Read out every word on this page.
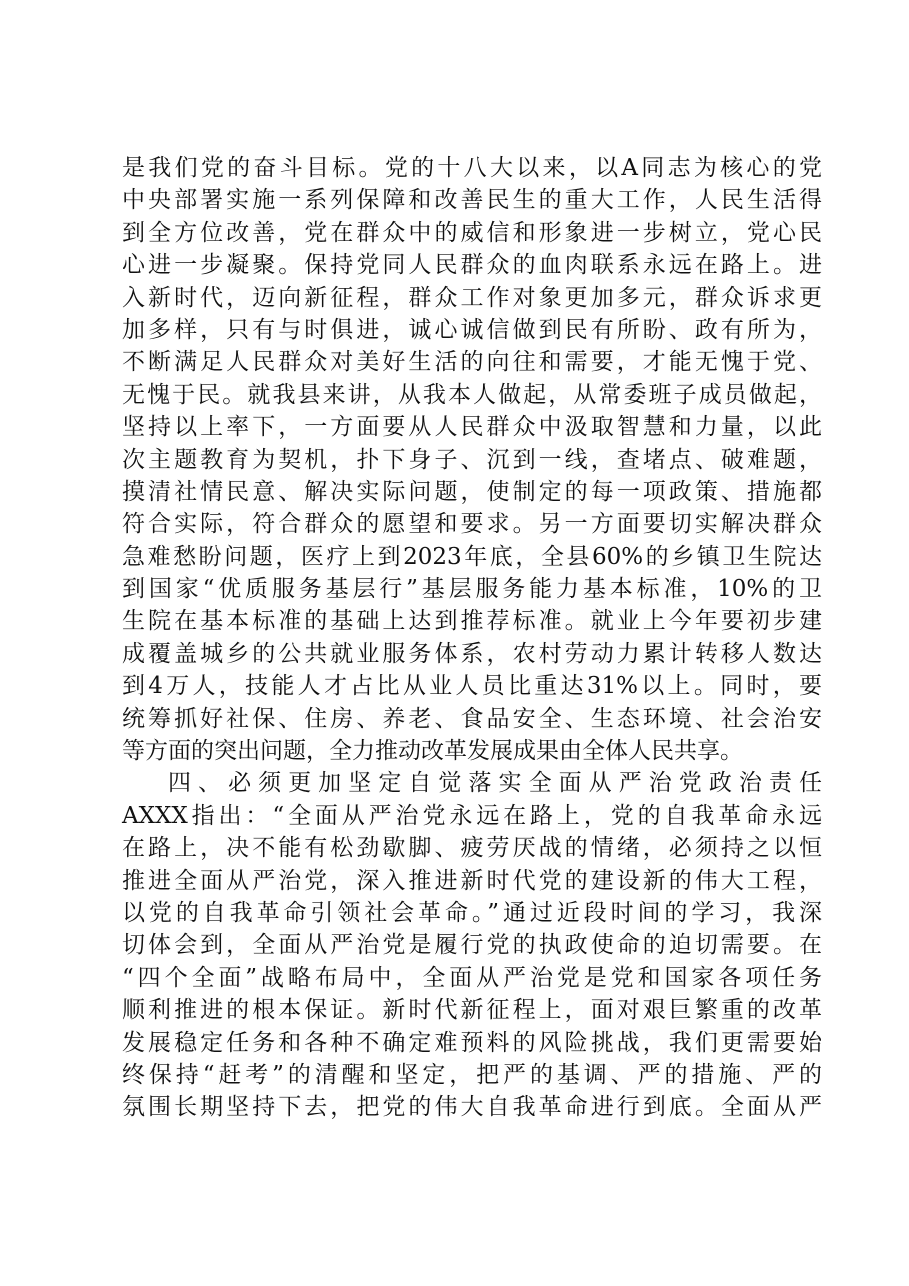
是我们党的奋斗目标。党的十八大以来，以A同志为核心的党
中央部署实施一系列保障和改善民生的重大工作，人民生活得
到全方位改善，党在群众中的威信和形象进一步树立，党心民
心进一步凝聚。保持党同人民群众的血肉联系永远在路上。进
入新时代，迈向新征程，群众工作对象更加多元，群众诉求更
加多样，只有与时俱进，诚心诚信做到民有所盼、政有所为，
不断满足人民群众对美好生活的向往和需要，才能无愧于党、
无愧于民。就我县来讲，从我本人做起，从常委班子成员做起，
坚持以上率下，一方面要从人民群众中汲取智慧和力量，以此
次主题教育为契机，扑下身子、沉到一线，查堵点、破难题，
摸清社情民意、解决实际问题，使制定的每一项政策、措施都
符合实际，符合群众的愿望和要求。另一方面要切实解决群众
急难愁盼问题，医疗上到2023年底，全县60%的乡镇卫生院达
到国家“优质服务基层行”基层服务能力基本标准，10%的卫
生院在基本标准的基础上达到推荐标准。就业上今年要初步建
成覆盖城乡的公共就业服务体系，农村劳动力累计转移人数达
到4万人，技能人才占比从业人员比重达31%以上。同时，要
统筹抓好社保、住房、养老、食品安全、生态环境、社会治安
等方面的突出问题，全力推动改革发展成果由全体人民共享。
四、必须更加坚定自觉落实全面从严治党政治责任
AXXX指出：“全面从严治党永远在路上，党的自我革命永远
在路上，决不能有松劲歇脚、疲劳厌战的情绪，必须持之以恒
推进全面从严治党，深入推进新时代党的建设新的伟大工程，
以党的自我革命引领社会革命。”通过近段时间的学习，我深
切体会到，全面从严治党是履行党的执政使命的迫切需要。在
“四个全面”战略布局中，全面从严治党是党和国家各项任务
顺利推进的根本保证。新时代新征程上，面对艰巨繁重的改革
发展稳定任务和各种不确定难预料的风险挑战，我们更需要始
终保持“赶考”的清醒和坚定，把严的基调、严的措施、严的
氛围长期坚持下去，把党的伟大自我革命进行到底。全面从严
